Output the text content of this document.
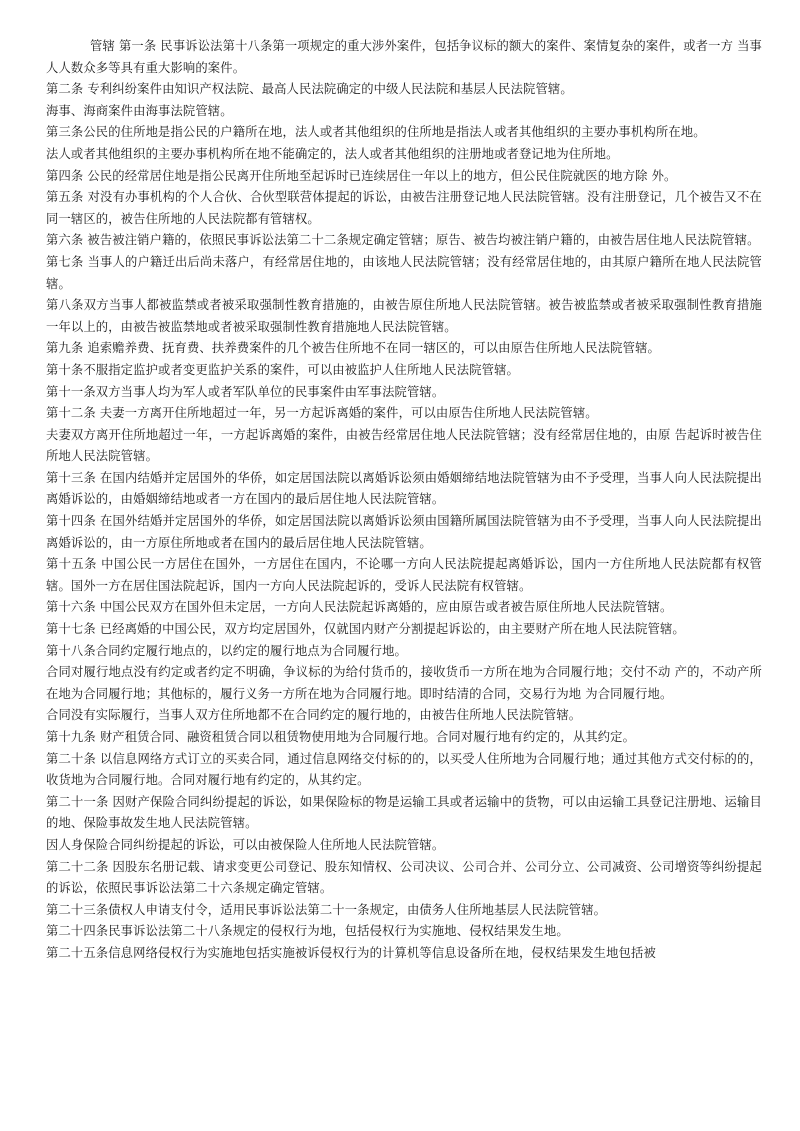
管辖 第一条 民事诉讼法第十八条第一项规定的重大涉外案件，包括争议标的额大的案件、案情复杂的案件，或者一方 当事人人数众多等具有重大影响的案件。

第二条 专利纠纷案件由知识产权法院、最高人民法院确定的中级人民法院和基层人民法院管辖。

海事、海商案件由海事法院管辖。

第三条公民的住所地是指公民的户籍所在地，法人或者其他组织的住所地是指法人或者其他组织的主要办事机构所在地。

法人或者其他组织的主要办事机构所在地不能确定的，法人或者其他组织的注册地或者登记地为住所地。

第四条 公民的经常居住地是指公民离开住所地至起诉时已连续居住一年以上的地方，但公民住院就医的地方除 外。

第五条 对没有办事机构的个人合伙、合伙型联营体提起的诉讼，由被告注册登记地人民法院管辖。没有注册登记，几个被告又不在同一辖区的，被告住所地的人民法院都有管辖权。

第六条 被告被注销户籍的，依照民事诉讼法第二十二条规定确定管辖；原告、被告均被注销户籍的，由被告居住地人民法院管辖。

第七条 当事人的户籍迁出后尚未落户，有经常居住地的，由该地人民法院管辖；没有经常居住地的，由其原户籍所在地人民法院管辖。

第八条双方当事人都被监禁或者被采取强制性教育措施的，由被告原住所地人民法院管辖。被告被监禁或者被采取强制性教育措施一年以上的，由被告被监禁地或者被采取强制性教育措施地人民法院管辖。

第九条 追索赡养费、抚育费、扶养费案件的几个被告住所地不在同一辖区的，可以由原告住所地人民法院管辖。

第十条不服指定监护或者变更监护关系的案件，可以由被监护人住所地人民法院管辖。

第十一条双方当事人均为军人或者军队单位的民事案件由军事法院管辖。

第十二条 夫妻一方离开住所地超过一年，另一方起诉离婚的案件，可以由原告住所地人民法院管辖。

夫妻双方离开住所地超过一年，一方起诉离婚的案件，由被告经常居住地人民法院管辖；没有经常居住地的，由原 告起诉时被告住所地人民法院管辖。

第十三条 在国内结婚并定居国外的华侨，如定居国法院以离婚诉讼须由婚姻缔结地法院管辖为由不予受理，当事人向人民法院提出离婚诉讼的，由婚姻缔结地或者一方在国内的最后居住地人民法院管辖。

第十四条 在国外结婚并定居国外的华侨，如定居国法院以离婚诉讼须由国籍所属国法院管辖为由不予受理，当事人向人民法院提出离婚诉讼的，由一方原住所地或者在国内的最后居住地人民法院管辖。

第十五条 中国公民一方居住在国外，一方居住在国内，不论哪一方向人民法院提起离婚诉讼，国内一方住所地人民法院都有权管辖。国外一方在居住国法院起诉，国内一方向人民法院起诉的，受诉人民法院有权管辖。

第十六条 中国公民双方在国外但未定居，一方向人民法院起诉离婚的，应由原告或者被告原住所地人民法院管辖。

第十七条 已经离婚的中国公民，双方均定居国外，仅就国内财产分割提起诉讼的，由主要财产所在地人民法院管辖。

第十八条合同约定履行地点的，以约定的履行地点为合同履行地。

合同对履行地点没有约定或者约定不明确，争议标的为给付货币的，接收货币一方所在地为合同履行地；交付不动 产的，不动产所在地为合同履行地；其他标的，履行义务一方所在地为合同履行地。即时结清的合同，交易行为地 为合同履行地。

合同没有实际履行，当事人双方住所地都不在合同约定的履行地的，由被告住所地人民法院管辖。

第十九条 财产租赁合同、融资租赁合同以租赁物使用地为合同履行地。合同对履行地有约定的，从其约定。

第二十条 以信息网络方式订立的买卖合同，通过信息网络交付标的的，以买受人住所地为合同履行地；通过其他方式交付标的的，收货地为合同履行地。合同对履行地有约定的，从其约定。

第二十一条 因财产保险合同纠纷提起的诉讼，如果保险标的物是运输工具或者运输中的货物，可以由运输工具登记注册地、运输目的地、保险事故发生地人民法院管辖。

因人身保险合同纠纷提起的诉讼，可以由被保险人住所地人民法院管辖。

第二十二条 因股东名册记载、请求变更公司登记、股东知情权、公司决议、公司合并、公司分立、公司减资、公司增资等纠纷提起的诉讼，依照民事诉讼法第二十六条规定确定管辖。

第二十三条债权人申请支付令，适用民事诉讼法第二十一条规定，由债务人住所地基层人民法院管辖。

第二十四条民事诉讼法第二十八条规定的侵权行为地，包括侵权行为实施地、侵权结果发生地。

第二十五条信息网络侵权行为实施地包括实施被诉侵权行为的计算机等信息设备所在地，侵权结果发生地包括被
